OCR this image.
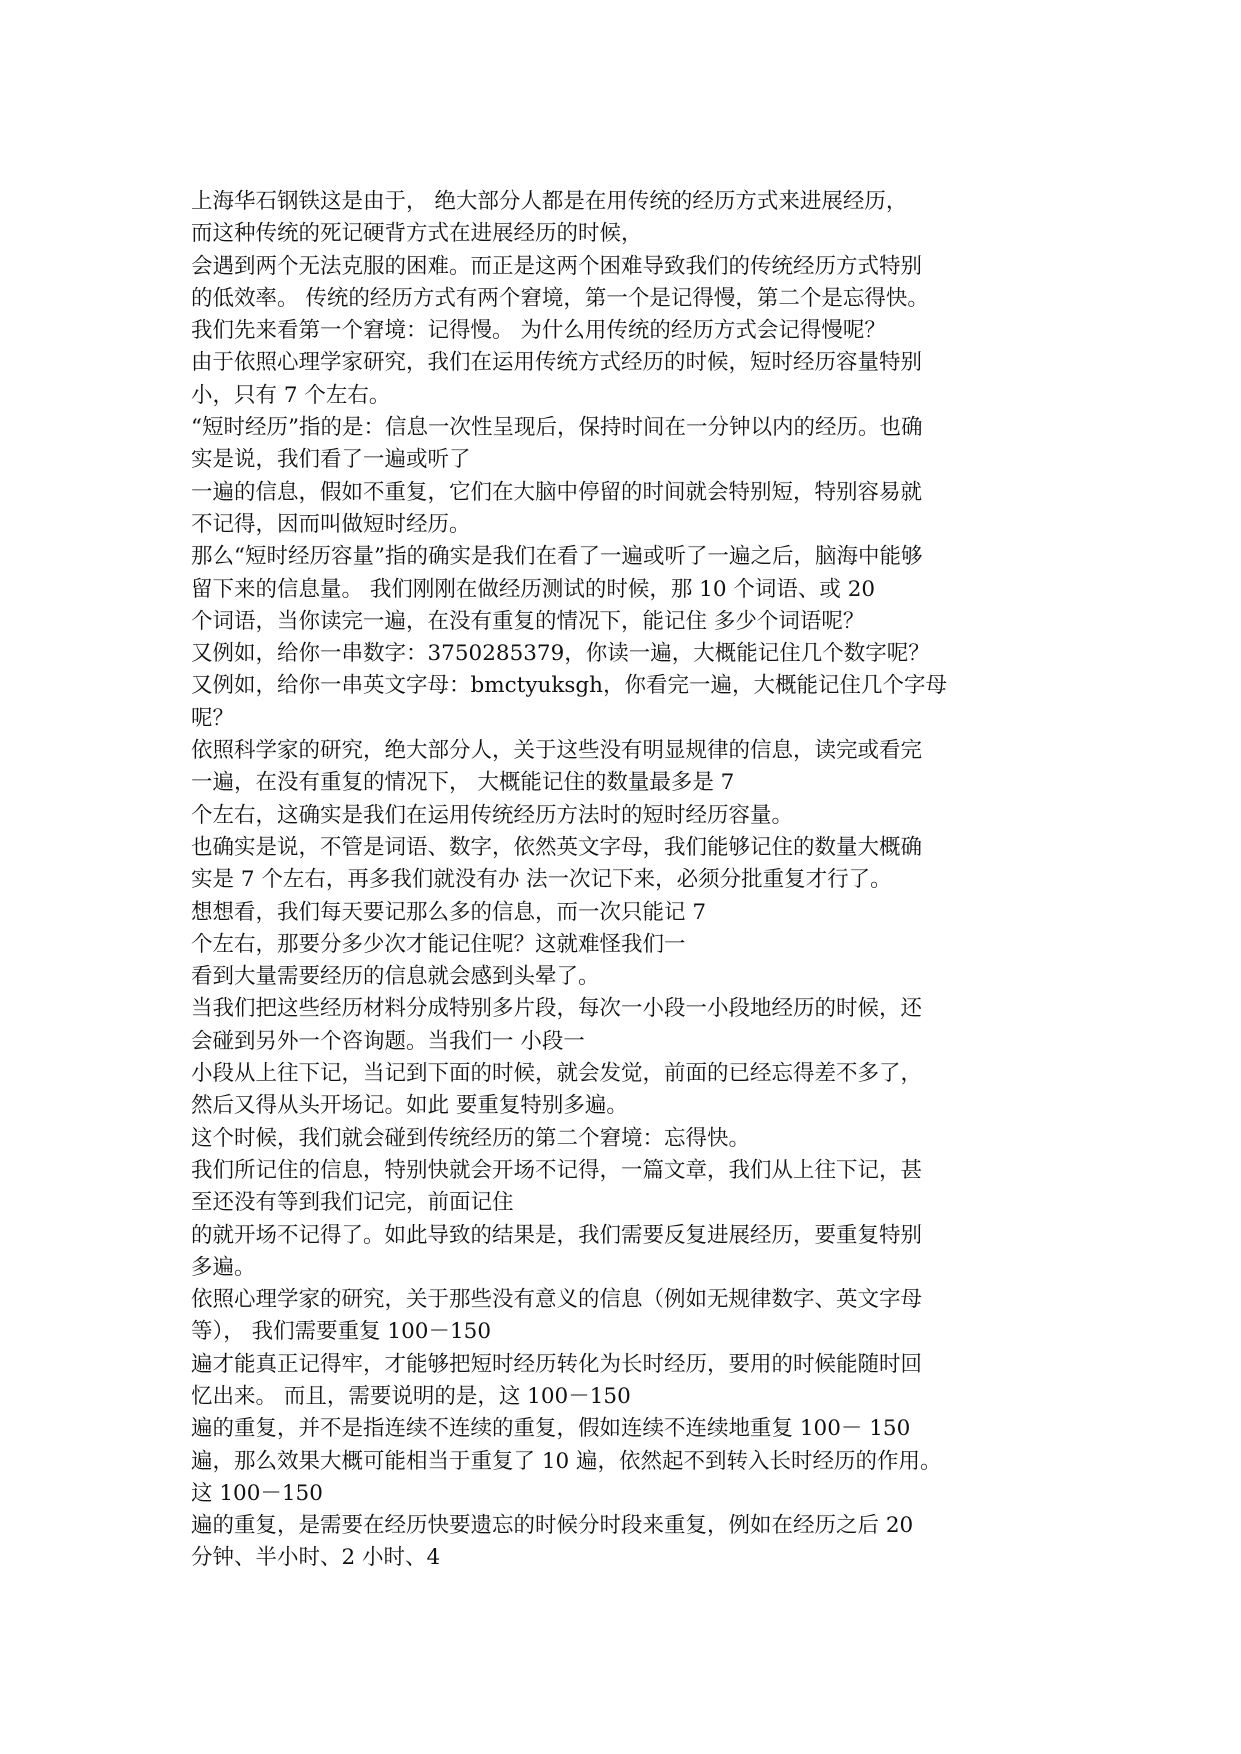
上海华石钢铁这是由于， 绝大部分人都是在用传统的经历方式来进展经历，
而这种传统的死记硬背方式在进展经历的时候，
会遇到两个无法克服的困难。而正是这两个困难导致我们的传统经历方式特别
的低效率。 传统的经历方式有两个窘境，第一个是记得慢，第二个是忘得快。
我们先来看第一个窘境：记得慢。 为什么用传统的经历方式会记得慢呢？
由于依照心理学家研究，我们在运用传统方式经历的时候，短时经历容量特别
小，只有 7 个左右。
“短时经历”指的是：信息一次性呈现后，保持时间在一分钟以内的经历。也确
实是说，我们看了一遍或听了
一遍的信息，假如不重复，它们在大脑中停留的时间就会特别短，特别容易就
不记得，因而叫做短时经历。
那么“短时经历容量”指的确实是我们在看了一遍或听了一遍之后，脑海中能够
留下来的信息量。 我们刚刚在做经历测试的时候，那 10 个词语、或 20
个词语，当你读完一遍，在没有重复的情况下，能记住 多少个词语呢？
又例如，给你一串数字：3750285379，你读一遍，大概能记住几个数字呢？
又例如，给你一串英文字母：bmctyuksgh，你看完一遍，大概能记住几个字母
呢？
依照科学家的研究，绝大部分人，关于这些没有明显规律的信息，读完或看完
一遍，在没有重复的情况下， 大概能记住的数量最多是 7
个左右，这确实是我们在运用传统经历方法时的短时经历容量。
也确实是说，不管是词语、数字，依然英文字母，我们能够记住的数量大概确
实是 7 个左右，再多我们就没有办 法一次记下来，必须分批重复才行了。
想想看，我们每天要记那么多的信息，而一次只能记 7
个左右，那要分多少次才能记住呢？这就难怪我们一
看到大量需要经历的信息就会感到头晕了。
当我们把这些经历材料分成特别多片段，每次一小段一小段地经历的时候，还
会碰到另外一个咨询题。当我们一 小段一
小段从上往下记，当记到下面的时候，就会发觉，前面的已经忘得差不多了，
然后又得从头开场记。如此 要重复特别多遍。
这个时候，我们就会碰到传统经历的第二个窘境：忘得快。
我们所记住的信息，特别快就会开场不记得，一篇文章，我们从上往下记，甚
至还没有等到我们记完，前面记住
的就开场不记得了。如此导致的结果是，我们需要反复进展经历，要重复特别
多遍。
依照心理学家的研究，关于那些没有意义的信息（例如无规律数字、英文字母
等）， 我们需要重复 100－150
遍才能真正记得牢，才能够把短时经历转化为长时经历，要用的时候能随时回
忆出来。 而且，需要说明的是，这 100－150
遍的重复，并不是指连续不连续的重复，假如连续不连续地重复 100－ 150
遍，那么效果大概可能相当于重复了 10 遍，依然起不到转入长时经历的作用。
这 100－150
遍的重复，是需要在经历快要遗忘的时候分时段来重复，例如在经历之后 20
分钟、半小时、2 小时、4
